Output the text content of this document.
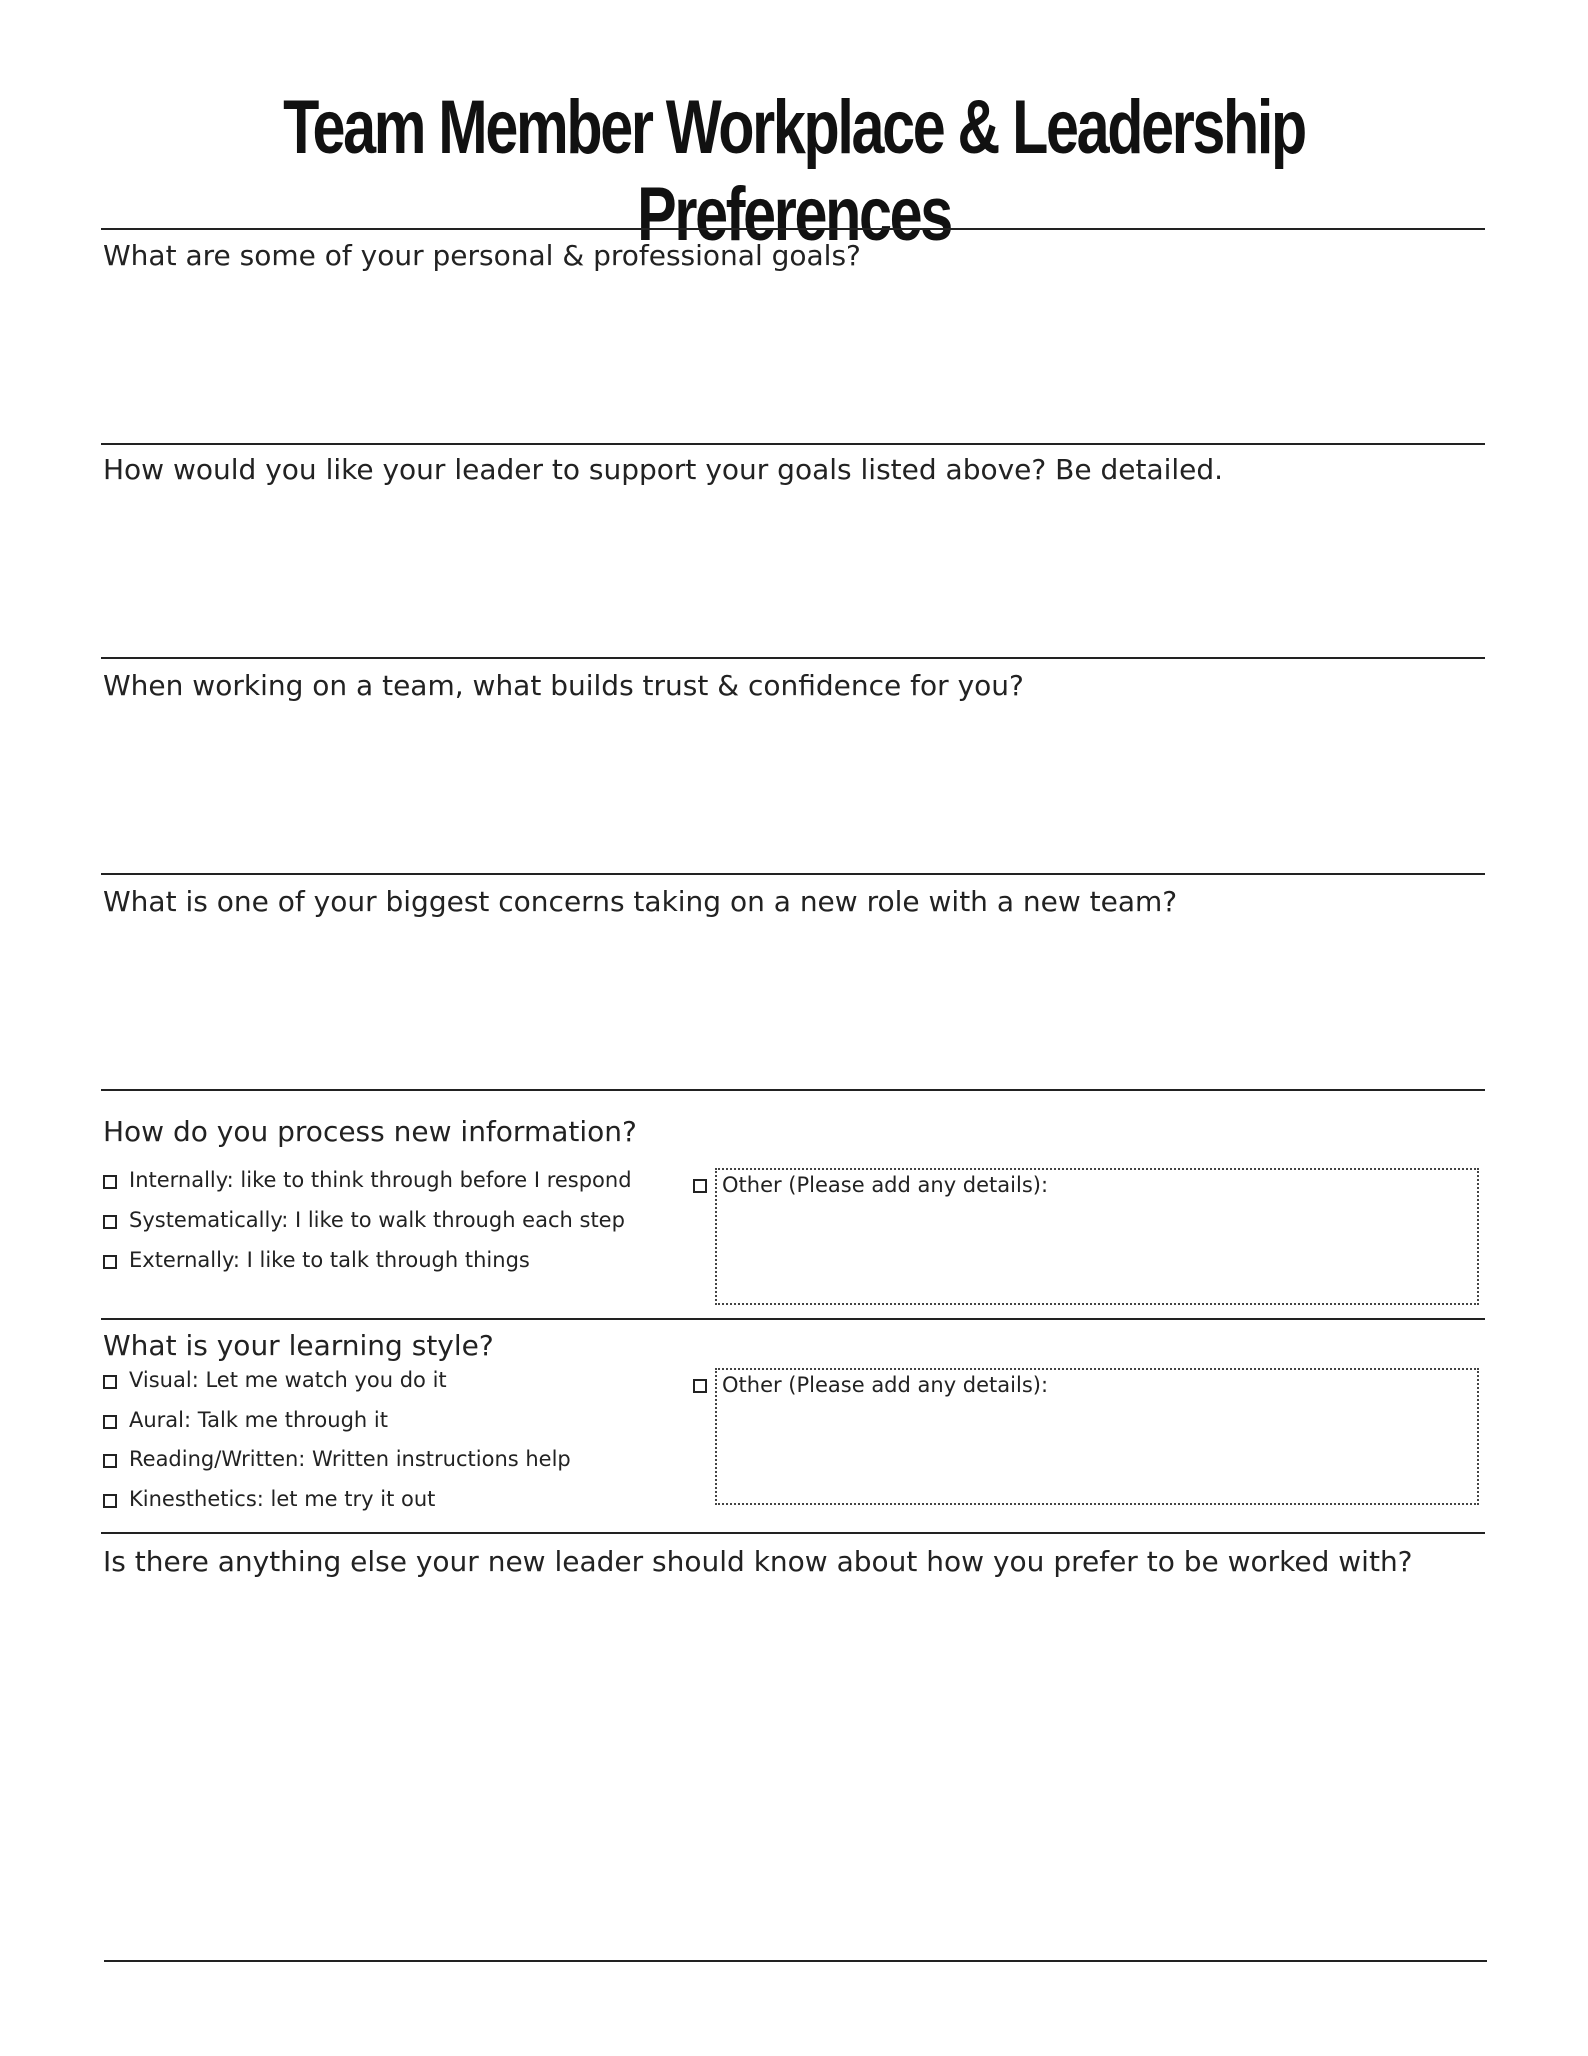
Team Member Workplace & Leadership Preferences
What are some of your personal & professional goals?
How would you like your leader to support your goals listed above? Be detailed.
When working on a team, what builds trust & confidence for you?
What is one of your biggest concerns taking on a new role with a new team?
How do you process new information?
Internally: like to think through before I respond
Systematically: I like to walk through each step
Externally: I like to talk through things
Other (Please add any details):
What is your learning style?
Visual: Let me watch you do it
Aural: Talk me through it
Reading/Written: Written instructions help
Kinesthetics: let me try it out
Other (Please add any details):
Is there anything else your new leader should know about how you prefer to be worked with?
